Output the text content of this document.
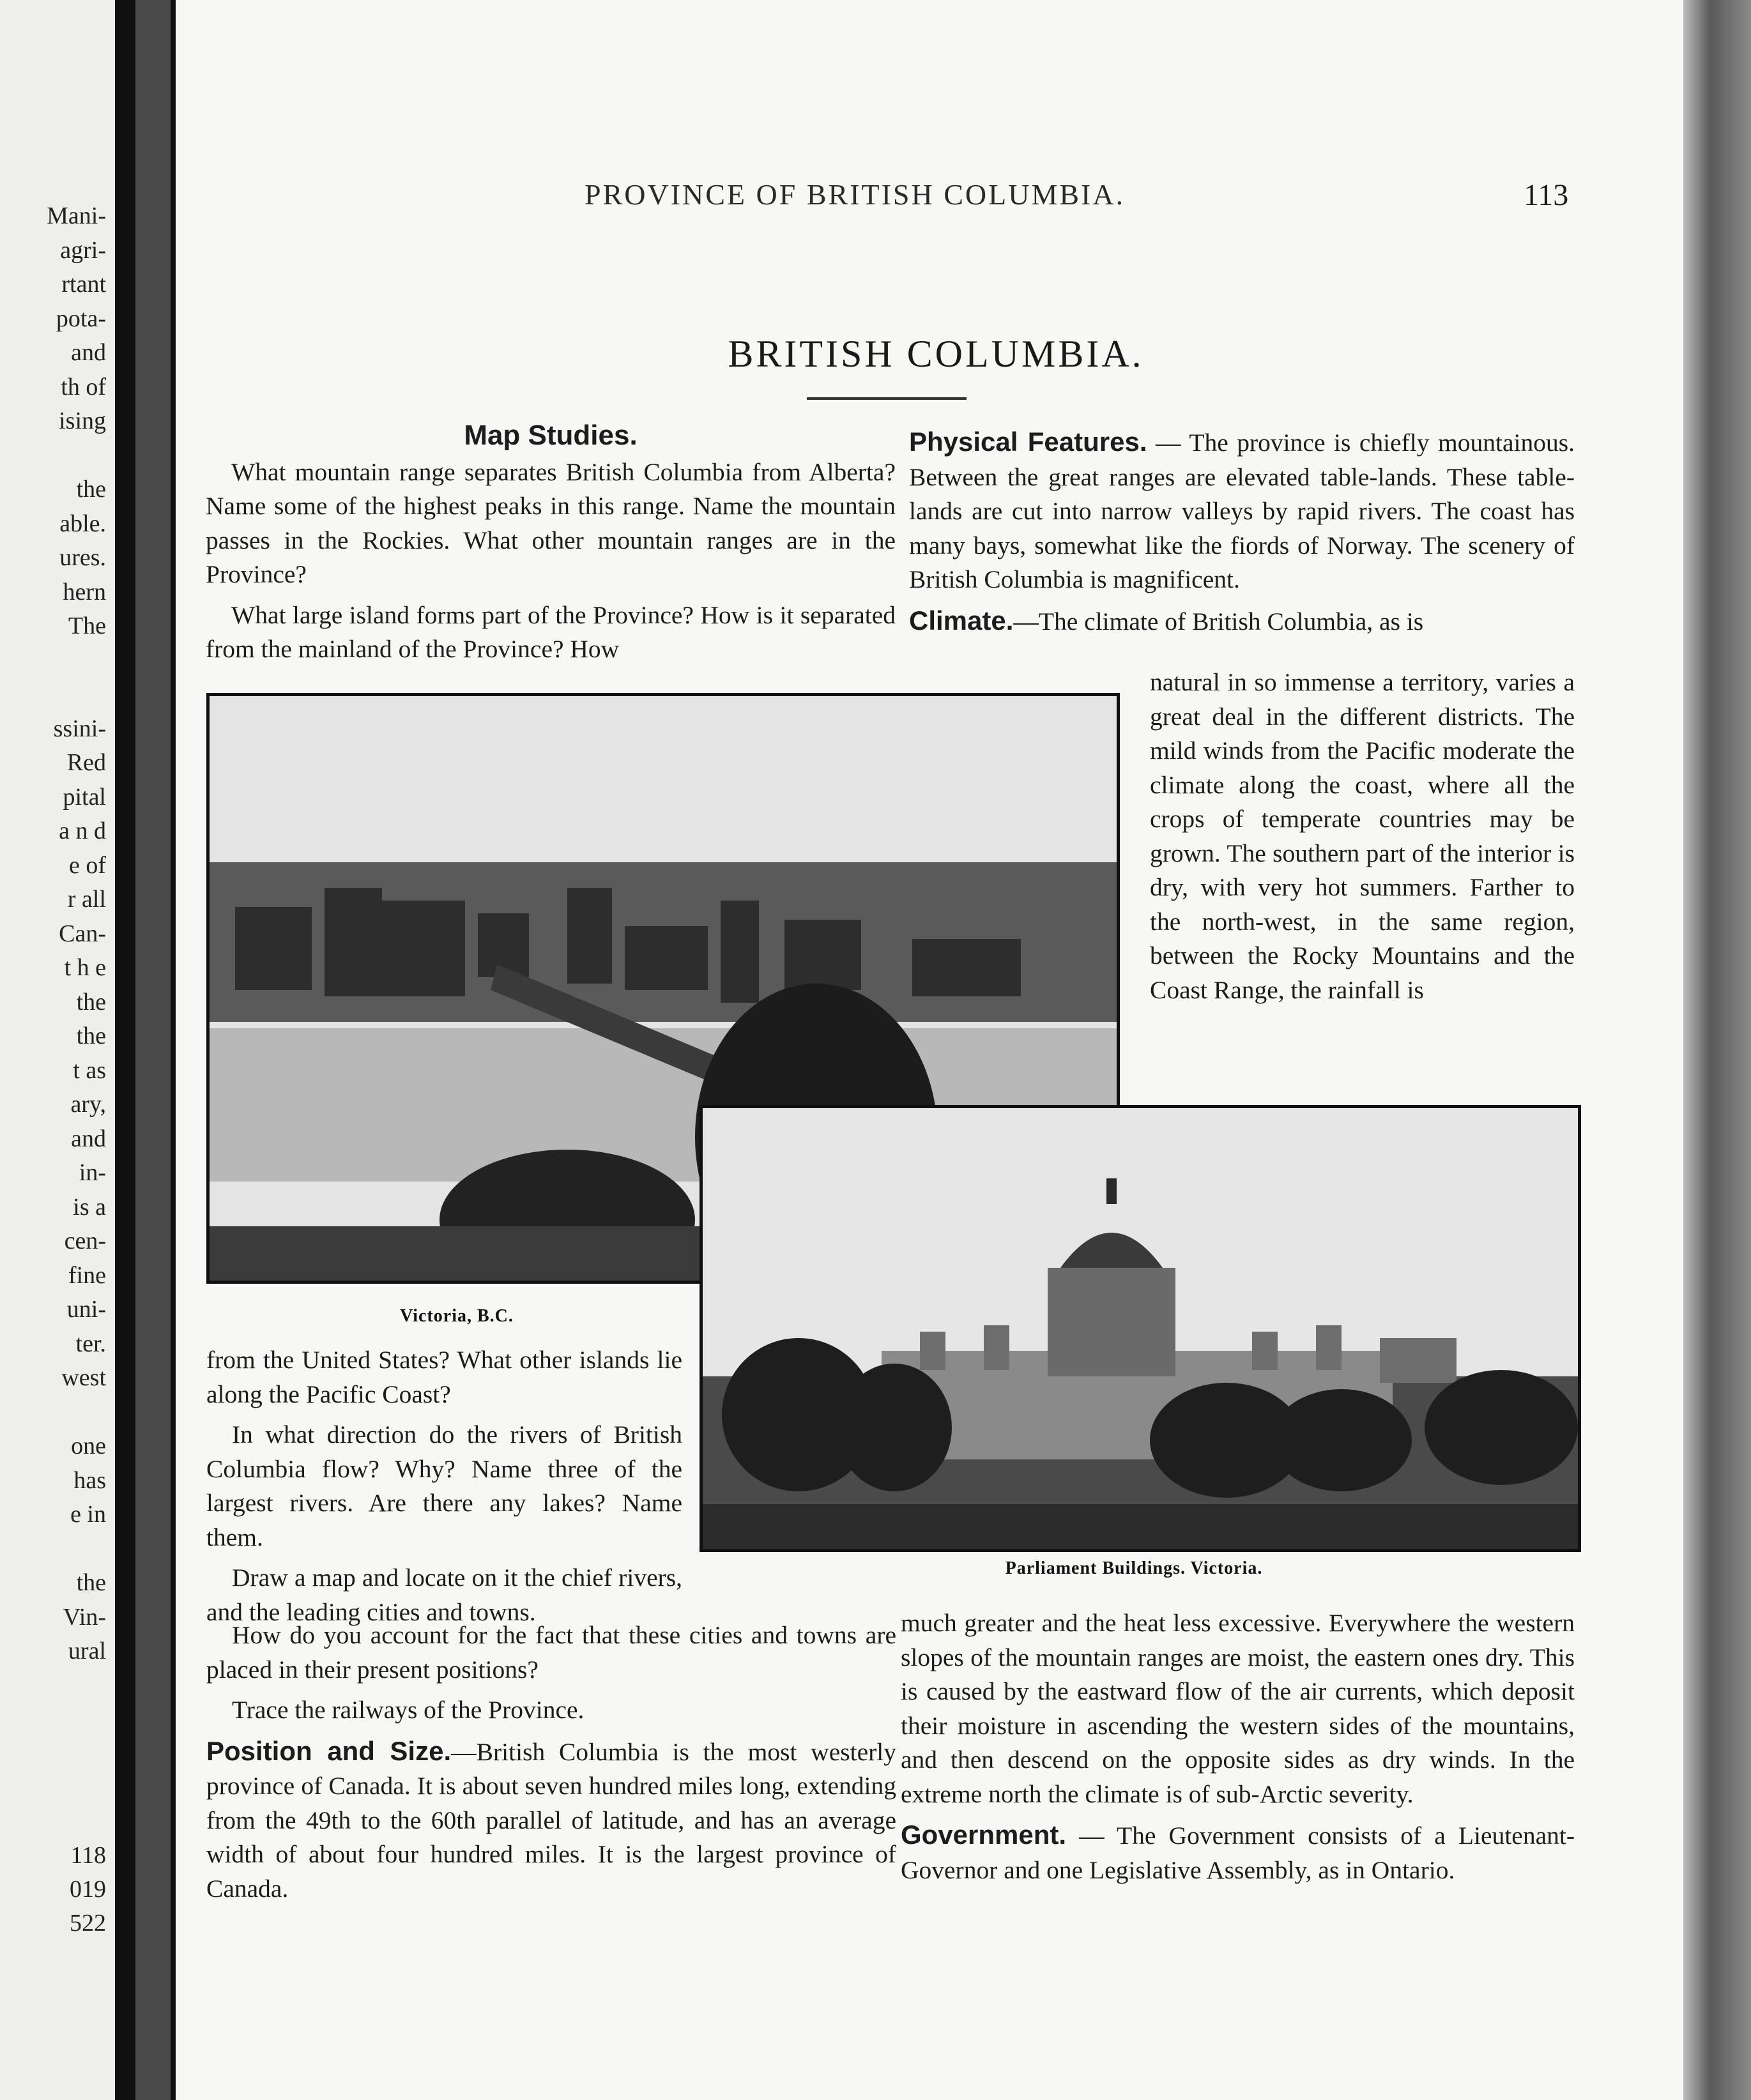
Mani-
agri-
rtant
pota-
and
th of
ising
the
able.
ures.
hern
The
ssini-
Red
pital
a n d
e of
r all
Can-
t h e
the
the
t as
ary,
and
in-
is a
cen-
fine
uni-
ter.
west
one
has
e in
the
Vin-
ural
118
019
522
PROVINCE OF BRITISH COLUMBIA.	113
BRITISH COLUMBIA.

Map Studies.

What mountain range separates British Columbia from Alberta? Name some of the highest peaks in this range. Name the mountain passes in the Rockies. What other mountain ranges are in the Province?

What large island forms part of the Province? How is it separated from the mainland of the Province? How

Physical Features. — The province is chiefly mountainous. Between the great ranges are elevated table-lands. These table-lands are cut into narrow valleys by rapid rivers. The coast has many bays, somewhat like the fiords of Norway. The scenery of British Columbia is magnificent.

Climate.—The climate of British Columbia, as is

natural in so immense a territory, varies a great deal in the different districts. The mild winds from the Pacific moderate the climate along the coast, where all the crops of temperate countries may be grown. The southern part of the interior is dry, with very hot summers. Farther to the north-west, in the same region, between the Rocky Mountains and the Coast Range, the rainfall is

Victoria, B.C.

from the United States? What other islands lie along the Pacific Coast?

In what direction do the rivers of British Columbia flow? Why? Name three of the largest rivers. Are there any lakes? Name them.

Draw a map and locate on it the chief rivers, and the leading cities and towns.

How do you account for the fact that these cities and towns are placed in their present positions?

Trace the railways of the Province.

Position and Size.—British Columbia is the most westerly province of Canada. It is about seven hundred miles long, extending from the 49th to the 60th parallel of latitude, and has an average width of about four hundred miles. It is the largest province of Canada.

Parliament Buildings. Victoria.

much greater and the heat less excessive. Everywhere the western slopes of the mountain ranges are moist, the eastern ones dry. This is caused by the eastward flow of the air currents, which deposit their moisture in ascending the western sides of the mountains, and then descend on the opposite sides as dry winds. In the extreme north the climate is of sub-Arctic severity.

Government. — The Government consists of a Lieutenant-Governor and one Legislative Assembly, as in Ontario.
